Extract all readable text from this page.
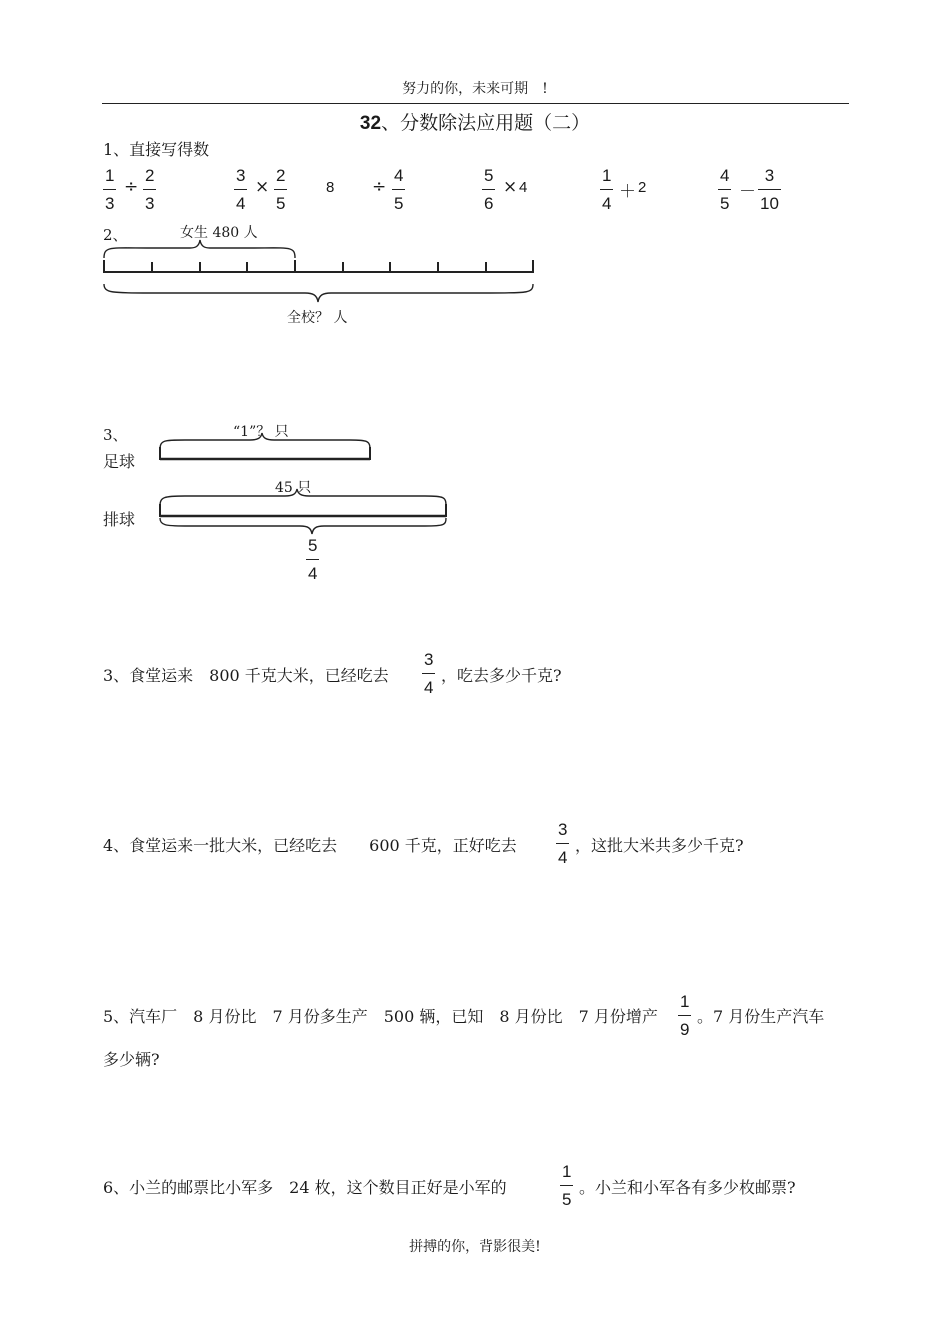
努力的你，未来可期　!
32、分数除法应用题（二）
1、直接写得数
1
3
÷
2
3
3
4
×
2
5
8 ÷
4
5
5
6
× 4
1
4
＋ 2
4
5
－
3
10
2、	女生 480 人
全校？ 人
3、	“1”？ 只
足球
45 只
排球
5
4
3、食堂运来　800 千克大米，已经吃去
3
4
，吃去多少千克?
4、食堂运来一批大米，已经吃去　　600 千克，正好吃去
3
4
，这批大米共多少千克?
5、汽车厂　8 月份比　7 月份多生产　500 辆，已知　8 月份比　7 月份增产
1
9
。7 月份生产汽车
多少辆?
6、小兰的邮票比小军多　24 枚，这个数目正好是小军的
1
5
。小兰和小军各有多少枚邮票?
拼搏的你，背影很美!
